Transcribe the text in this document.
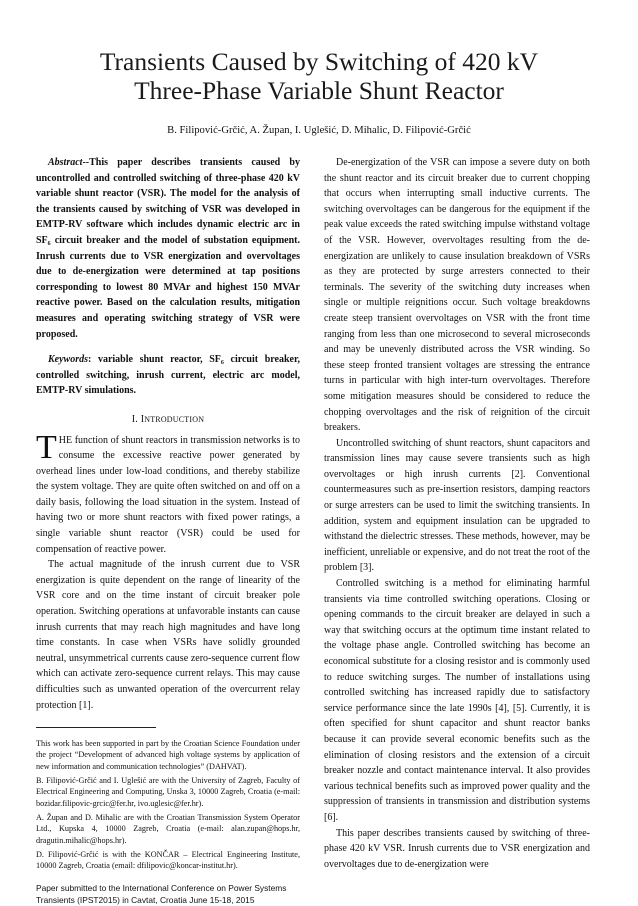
Transients Caused by Switching of 420 kV
Three-Phase Variable Shunt Reactor
B. Filipović-Grčić, A. Župan, I. Uglešić, D. Mihalic, D. Filipović-Grčić

Abstract--This paper describes transients caused by uncontrolled and controlled switching of three-phase 420 kV variable shunt reactor (VSR). The model for the analysis of the transients caused by switching of VSR was developed in EMTP-RV software which includes dynamic electric arc in SF₆ circuit breaker and the model of substation equipment. Inrush currents due to VSR energization and overvoltages due to de-energization were determined at tap positions corresponding to lowest 80 MVAr and highest 150 MVAr reactive power. Based on the calculation results, mitigation measures and operating switching strategy of VSR were proposed.

Keywords: variable shunt reactor, SF₆ circuit breaker, controlled switching, inrush current, electric arc model, EMTP-RV simulations.

I. INTRODUCTION

THE function of shunt reactors in transmission networks is to consume the excessive reactive power generated by overhead lines under low-load conditions, and thereby stabilize the system voltage. They are quite often switched on and off on a daily basis, following the load situation in the system. Instead of having two or more shunt reactors with fixed power ratings, a single variable shunt reactor (VSR) could be used for compensation of reactive power.

The actual magnitude of the inrush current due to VSR energization is quite dependent on the range of linearity of the VSR core and on the time instant of circuit breaker pole operation. Switching operations at unfavorable instants can cause inrush currents that may reach high magnitudes and have long time constants. In case when VSRs have solidly grounded neutral, unsymmetrical currents cause zero-sequence current flow which can activate zero-sequence current relays. This may cause difficulties such as unwanted operation of the overcurrent relay protection [1].

This work has been supported in part by the Croatian Science Foundation under the project “Development of advanced high voltage systems by application of new information and communication technologies” (DAHVAT).

B. Filipović-Grčić and I. Uglešić are with the University of Zagreb, Faculty of Electrical Engineering and Computing, Unska 3, 10000 Zagreb, Croatia (e-mail: bozidar.filipovic-grcic@fer.hr, ivo.uglesic@fer.hr).

A. Župan and D. Mihalic are with the Croatian Transmission System Operator Ltd., Kupska 4, 10000 Zagreb, Croatia (e-mail: alan.zupan@hops.hr, dragutin.mihalic@hops.hr).

D. Filipović-Grčić is with the KONČAR – Electrical Engineering Institute, 10000 Zagreb, Croatia (email: dfilipovic@koncar-institut.hr).

Paper submitted to the International Conference on Power Systems
Transients (IPST2015) in Cavtat, Croatia June 15-18, 2015

De-energization of the VSR can impose a severe duty on both the shunt reactor and its circuit breaker due to current chopping that occurs when interrupting small inductive currents. The switching overvoltages can be dangerous for the equipment if the peak value exceeds the rated switching impulse withstand voltage of the VSR. However, overvoltages resulting from the de-energization are unlikely to cause insulation breakdown of VSRs as they are protected by surge arresters connected to their terminals. The severity of the switching duty increases when single or multiple reignitions occur. Such voltage breakdowns create steep transient overvoltages on VSR with the front time ranging from less than one microsecond to several microseconds and may be unevenly distributed across the VSR winding. So these steep fronted transient voltages are stressing the entrance turns in particular with high inter-turn overvoltages. Therefore some mitigation measures should be considered to reduce the chopping overvoltages and the risk of reignition of the circuit breakers.

Uncontrolled switching of shunt reactors, shunt capacitors and transmission lines may cause severe transients such as high overvoltages or high inrush currents [2]. Conventional countermeasures such as pre-insertion resistors, damping reactors or surge arresters can be used to limit the switching transients. In addition, system and equipment insulation can be upgraded to withstand the dielectric stresses. These methods, however, may be inefficient, unreliable or expensive, and do not treat the root of the problem [3].

Controlled switching is a method for eliminating harmful transients via time controlled switching operations. Closing or opening commands to the circuit breaker are delayed in such a way that switching occurs at the optimum time instant related to the voltage phase angle. Controlled switching has become an economical substitute for a closing resistor and is commonly used to reduce switching surges. The number of installations using controlled switching has increased rapidly due to satisfactory service performance since the late 1990s [4], [5]. Currently, it is often specified for shunt capacitor and shunt reactor banks because it can provide several economic benefits such as the elimination of closing resistors and the extension of a circuit breaker nozzle and contact maintenance interval. It also provides various technical benefits such as improved power quality and the suppression of transients in transmission and distribution systems [6].

This paper describes transients caused by switching of three-phase 420 kV VSR. Inrush currents due to VSR energization and overvoltages due to de-energization were
